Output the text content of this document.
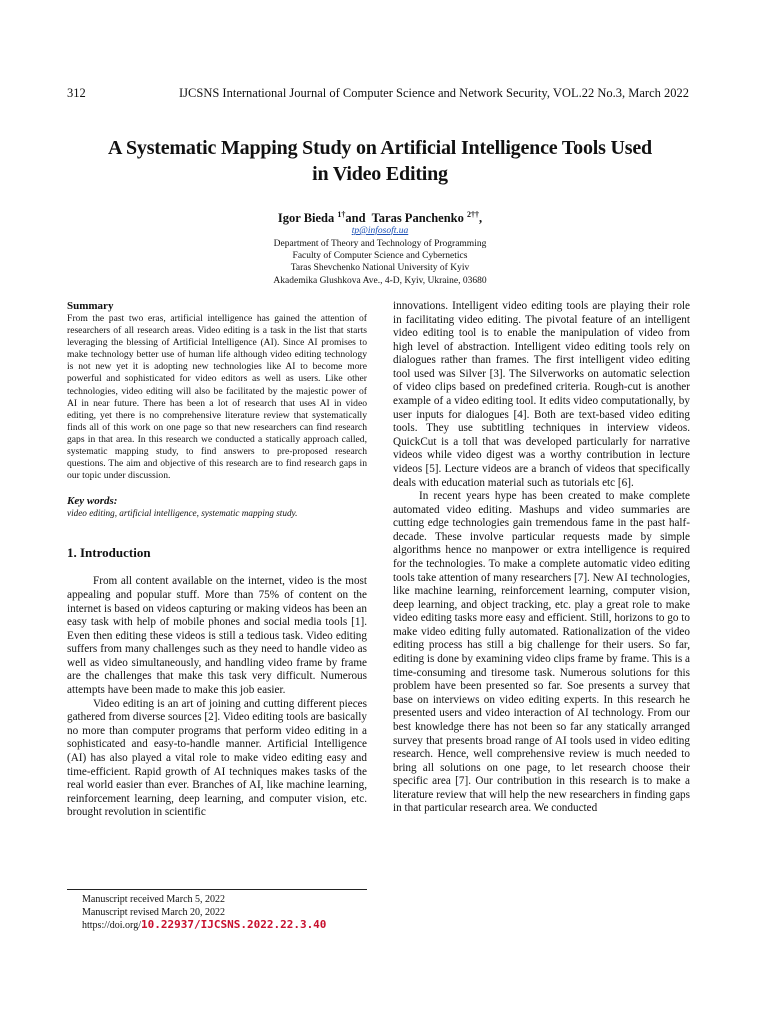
312	IJCSNS International Journal of Computer Science and Network Security, VOL.22 No.3, March 2022
A Systematic Mapping Study on Artificial Intelligence Tools Used
in Video Editing
Igor Bieda $^{1\dagger}$and Taras Panchenko $^{2\dagger\dagger}$,
tp@infosoft.ua
Department of Theory and Technology of Programming
Faculty of Computer Science and Cybernetics
Taras Shevchenko National University of Kyiv
Akademika Glushkova Ave., 4-D, Kyiv, Ukraine, 03680
Summary

From the past two eras, artificial intelligence has gained the attention of researchers of all research areas. Video editing is a task in the list that starts leveraging the blessing of Artificial Intelligence (AI). Since AI promises to make technology better use of human life although video editing technology is not new yet it is adopting new technologies like AI to become more powerful and sophisticated for video editors as well as users. Like other technologies, video editing will also be facilitated by the majestic power of AI in near future. There has been a lot of research that uses AI in video editing, yet there is no comprehensive literature review that systematically finds all of this work on one page so that new researchers can find research gaps in that area. In this research we conducted a statically approach called, systematic mapping study, to find answers to pre-proposed research questions. The aim and objective of this research are to find research gaps in our topic under discussion.

Key words:
video editing, artificial intelligence, systematic mapping study.
1. Introduction

From all content available on the internet, video is the most appealing and popular stuff. More than 75% of content on the internet is based on videos capturing or making videos has been an easy task with help of mobile phones and social media tools [1]. Even then editing these videos is still a tedious task. Video editing suffers from many challenges such as they need to handle video as well as video simultaneously, and handling video frame by frame are the challenges that make this task very difficult. Numerous attempts have been made to make this job easier.

Video editing is an art of joining and cutting different pieces gathered from diverse sources [2]. Video editing tools are basically no more than computer programs that perform video editing in a sophisticated and easy-to-handle manner. Artificial Intelligence (AI) has also played a vital role to make video editing easy and time-efficient. Rapid growth of AI techniques makes tasks of the real world easier than ever. Branches of AI, like machine learning, reinforcement learning, deep learning, and computer vision, etc. brought revolution in scientific

innovations. Intelligent video editing tools are playing their role in facilitating video editing. The pivotal feature of an intelligent video editing tool is to enable the manipulation of video from high level of abstraction. Intelligent video editing tools rely on dialogues rather than frames. The first intelligent video editing tool used was Silver [3]. The Silverworks on automatic selection of video clips based on predefined criteria. Rough-cut is another example of a video editing tool. It edits video computationally, by user inputs for dialogues [4]. Both are text-based video editing tools. They use subtitling techniques in interview videos. QuickCut is a toll that was developed particularly for narrative videos while video digest was a worthy contribution in lecture videos [5]. Lecture videos are a branch of videos that specifically deals with education material such as tutorials etc [6].

In recent years hype has been created to make complete automated video editing. Mashups and video summaries are cutting edge technologies gain tremendous fame in the past half-decade. These involve particular requests made by simple algorithms hence no manpower or extra intelligence is required for the technologies. To make a complete automatic video editing tools take attention of many researchers [7]. New AI technologies, like machine learning, reinforcement learning, computer vision, deep learning, and object tracking, etc. play a great role to make video editing tasks more easy and efficient. Still, horizons to go to make video editing fully automated. Rationalization of the video editing process has still a big challenge for their users. So far, editing is done by examining video clips frame by frame. This is a time-consuming and tiresome task. Numerous solutions for this problem have been presented so far. Soe presents a survey that base on interviews on video editing experts. In this research he presented users and video interaction of AI technology. From our best knowledge there has not been so far any statically arranged survey that presents broad range of AI tools used in video editing research. Hence, well comprehensive review is much needed to bring all solutions on one page, to let research choose their specific area [7]. Our contribution in this research is to make a literature review that will help the new researchers in finding gaps in that particular research area. We conducted

Manuscript received March 5, 2022
Manuscript revised March 20, 2022
https://doi.org/10.22937/IJCSNS.2022.22.3.40
